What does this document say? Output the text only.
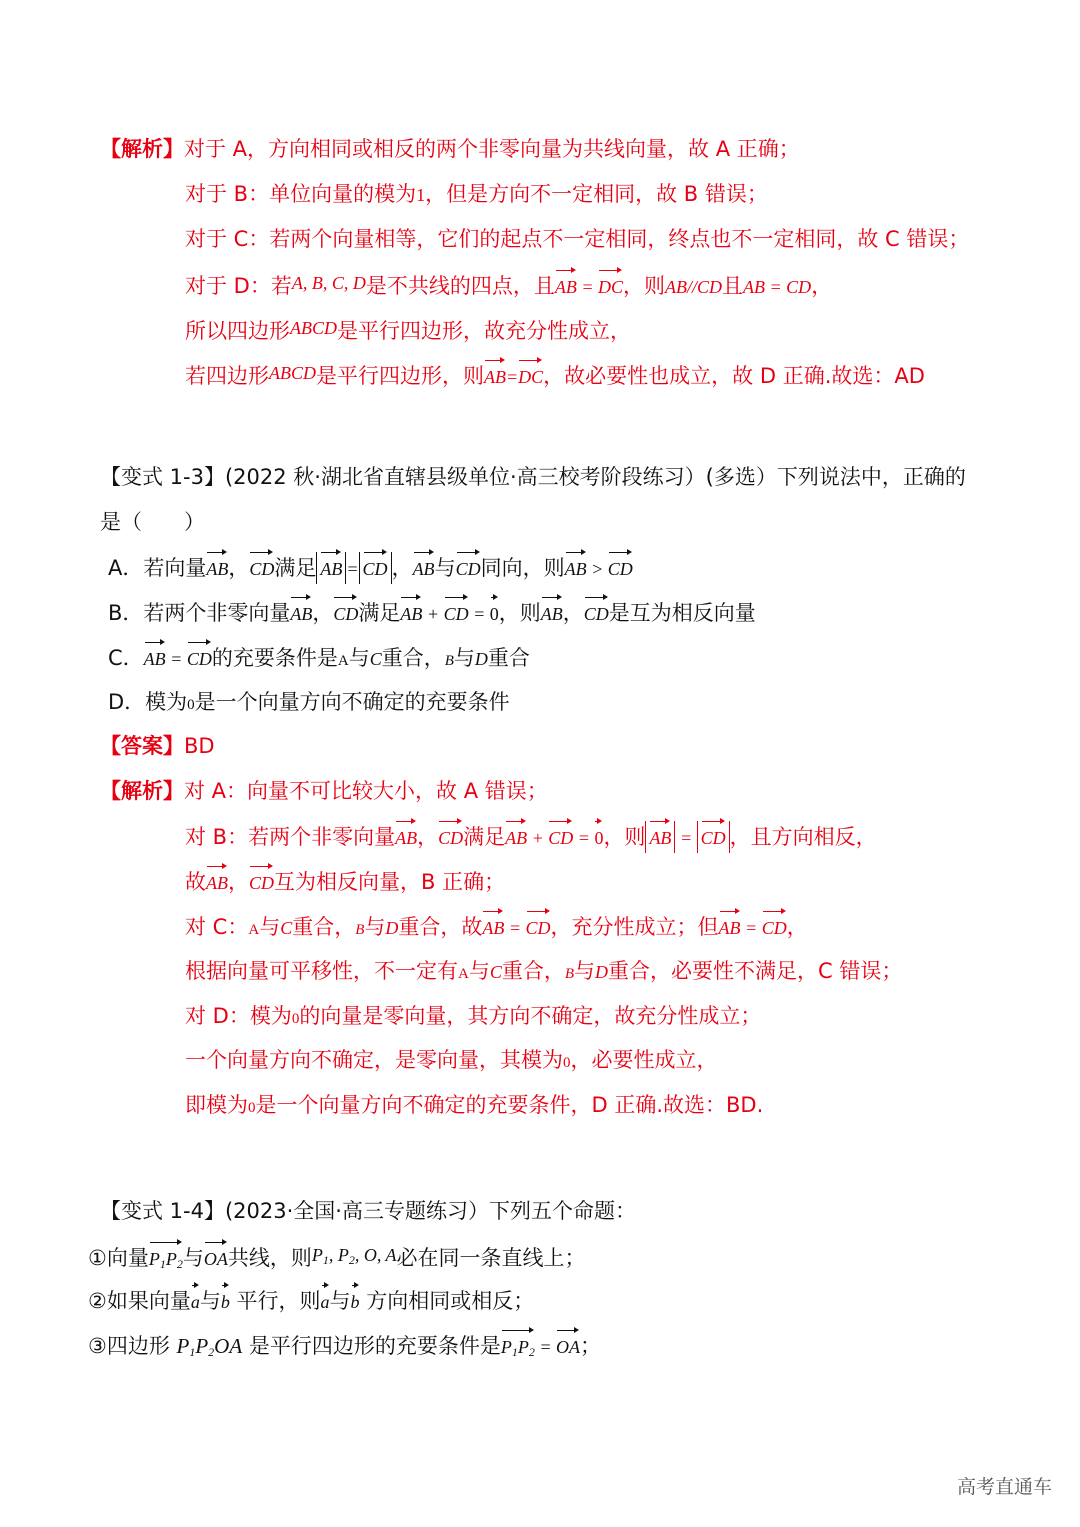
【解析】对于 A，方向相同或相反的两个非零向量为共线向量，故 A 正确；
对于 B：单位向量的模为1，但是方向不一定相同，故 B 错误；
对于 C：若两个向量相等，它们的起点不一定相同，终点也不一定相同，故 C 错误；
对于 D：若A, B, C, D是不共线的四点，且AB = DC，则AB//CD且AB = CD，
所以四边形ABCD是平行四边形，故充分性成立，
若四边形ABCD是平行四边形，则AB=DC，故必要性也成立，故 D 正确.故选：AD
【变式 1-3】(2022 秋·湖北省直辖县级单位·高三校考阶段练习）(多选）下列说法中，正确的
是（　　）
A．若向量AB，CD满足 AB = CD ，AB与CD同向，则AB > CD
B．若两个非零向量AB，CD满足AB + CD = 0，则AB，CD是互为相反向量
C．AB = CD的充要条件是A与C重合，B与D重合
D．模为0是一个向量方向不确定的充要条件
【答案】BD
【解析】对 A：向量不可比较大小，故 A 错误；
对 B：若两个非零向量AB，CD满足AB + CD = 0，则 AB = CD ，且方向相反，
故AB，CD互为相反向量，B 正确；
对 C：A与C重合，B与D重合，故AB = CD，充分性成立；但AB = CD，
根据向量可平移性，不一定有A与C重合，B与D重合，必要性不满足，C 错误；
对 D：模为0的向量是零向量，其方向不确定，故充分性成立；
一个向量方向不确定，是零向量，其模为0，必要性成立，
即模为0是一个向量方向不确定的充要条件，D 正确.故选：BD.
【变式 1-4】(2023·全国·高三专题练习）下列五个命题：
①向量$P_1P_2$与OA共线，则$P_1$, $P_2$, O, A必在同一条直线上；
②如果向量a与b 平行，则a与b 方向相同或相反；
③四边形 $P_1P_2OA$ 是平行四边形的充要条件是$P_1P_2$ = OA；
高考直通车
